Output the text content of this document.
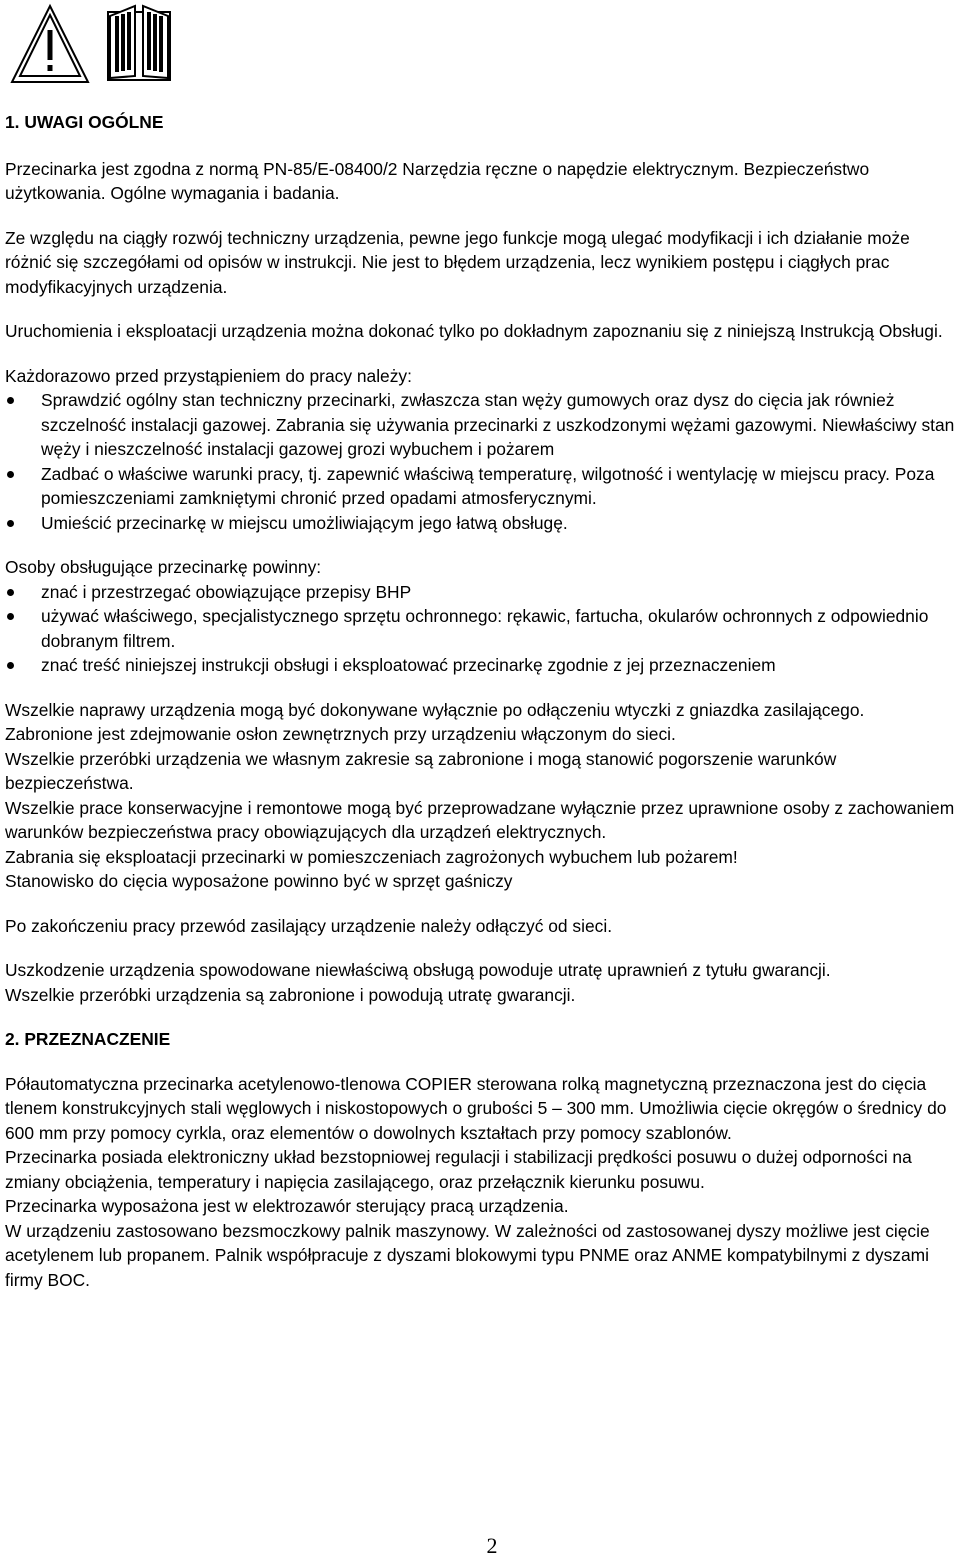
1. UWAGI OGÓLNE

Przecinarka jest zgodna z normą PN-85/E-08400/2 Narzędzia ręczne o napędzie elektrycznym. Bezpieczeństwo użytkowania. Ogólne wymagania i badania.

Ze względu na ciągły rozwój techniczny urządzenia, pewne jego funkcje mogą ulegać modyfikacji i ich działanie może różnić się szczegółami od opisów w instrukcji. Nie jest to błędem urządzenia, lecz wynikiem postępu i ciągłych prac modyfikacyjnych urządzenia.

Uruchomienia i eksploatacji urządzenia można dokonać tylko po dokładnym zapoznaniu się z niniejszą Instrukcją Obsługi.

Każdorazowo przed przystąpieniem do pracy należy:

Sprawdzić ogólny stan techniczny przecinarki, zwłaszcza stan węży gumowych oraz dysz do cięcia jak również szczelność instalacji gazowej. Zabrania się używania przecinarki z uszkodzonymi wężami gazowymi. Niewłaściwy stan węży i nieszczelność instalacji gazowej grozi wybuchem i pożarem
Zadbać o właściwe warunki pracy, tj. zapewnić właściwą temperaturę, wilgotność i wentylację w miejscu pracy. Poza pomieszczeniami zamkniętymi chronić przed opadami atmosferycznymi.
Umieścić przecinarkę w miejscu umożliwiającym jego łatwą obsługę.

Osoby obsługujące przecinarkę powinny:

znać i przestrzegać obowiązujące przepisy BHP
używać właściwego, specjalistycznego sprzętu ochronnego: rękawic, fartucha, okularów ochronnych z odpowiednio dobranym filtrem.
znać treść niniejszej instrukcji obsługi i eksploatować przecinarkę zgodnie z jej przeznaczeniem

Wszelkie naprawy urządzenia mogą być dokonywane wyłącznie po odłączeniu wtyczki z gniazdka zasilającego.

Zabronione jest zdejmowanie osłon zewnętrznych przy urządzeniu włączonym do sieci.

Wszelkie przeróbki urządzenia we własnym zakresie są zabronione i mogą stanowić pogorszenie warunków bezpieczeństwa.

Wszelkie prace konserwacyjne i remontowe mogą być przeprowadzane wyłącznie przez uprawnione osoby z zachowaniem warunków bezpieczeństwa pracy obowiązujących dla urządzeń elektrycznych.

Zabrania się eksploatacji przecinarki w pomieszczeniach zagrożonych wybuchem lub pożarem!

Stanowisko do cięcia wyposażone powinno być w sprzęt gaśniczy

Po zakończeniu pracy przewód zasilający urządzenie należy odłączyć od sieci.

Uszkodzenie urządzenia spowodowane niewłaściwą obsługą powoduje utratę uprawnień z tytułu gwarancji.

Wszelkie przeróbki urządzenia są zabronione i powodują utratę gwarancji.

2. PRZEZNACZENIE

Półautomatyczna przecinarka acetylenowo-tlenowa COPIER sterowana rolką magnetyczną przeznaczona jest do cięcia tlenem konstrukcyjnych stali węglowych i niskostopowych o grubości 5 – 300 mm. Umożliwia cięcie okręgów o średnicy do 600 mm przy pomocy cyrkla, oraz elementów o dowolnych kształtach przy pomocy szablonów.

Przecinarka posiada elektroniczny układ bezstopniowej regulacji i stabilizacji prędkości posuwu o dużej odporności na zmiany obciążenia, temperatury i napięcia zasilającego, oraz przełącznik kierunku posuwu.

Przecinarka wyposażona jest w elektrozawór sterujący pracą urządzenia.

W urządzeniu zastosowano bezsmoczkowy palnik maszynowy. W zależności od zastosowanej dyszy możliwe jest cięcie acetylenem lub propanem. Palnik współpracuje z dyszami blokowymi typu PNME oraz ANME kompatybilnymi z dyszami firmy BOC.

2
